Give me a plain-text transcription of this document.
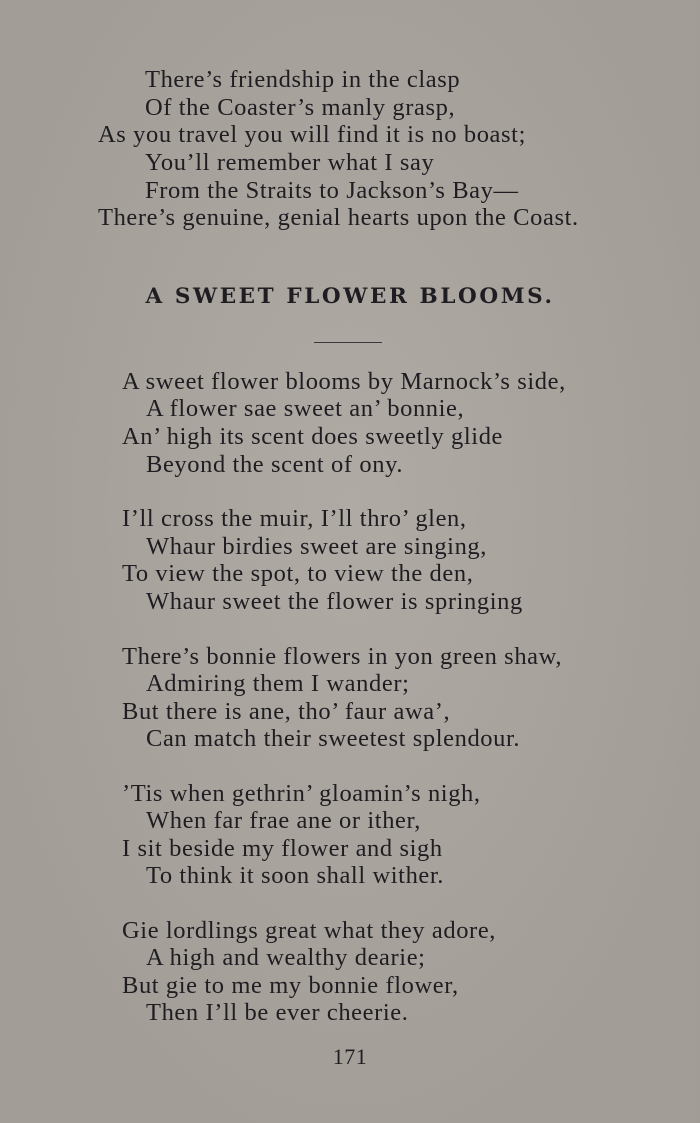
There’s friendship in the clasp
Of the Coaster’s manly grasp,
As you travel you will find it is no boast;
You’ll remember what I say
From the Straits to Jackson’s Bay—
There’s genuine, genial hearts upon the Coast.
A SWEET FLOWER BLOOMS.
A sweet flower blooms by Marnock’s side,
A flower sae sweet an’ bonnie,
An’ high its scent does sweetly glide
Beyond the scent of ony.
I’ll cross the muir, I’ll thro’ glen,
Whaur birdies sweet are singing,
To view the spot, to view the den,
Whaur sweet the flower is springing
There’s bonnie flowers in yon green shaw,
Admiring them I wander;
But there is ane, tho’ faur awa’,
Can match their sweetest splendour.
’Tis when gethrin’ gloamin’s nigh,
When far frae ane or ither,
I sit beside my flower and sigh
To think it soon shall wither.
Gie lordlings great what they adore,
A high and wealthy dearie;
But gie to me my bonnie flower,
Then I’ll be ever cheerie.
171
